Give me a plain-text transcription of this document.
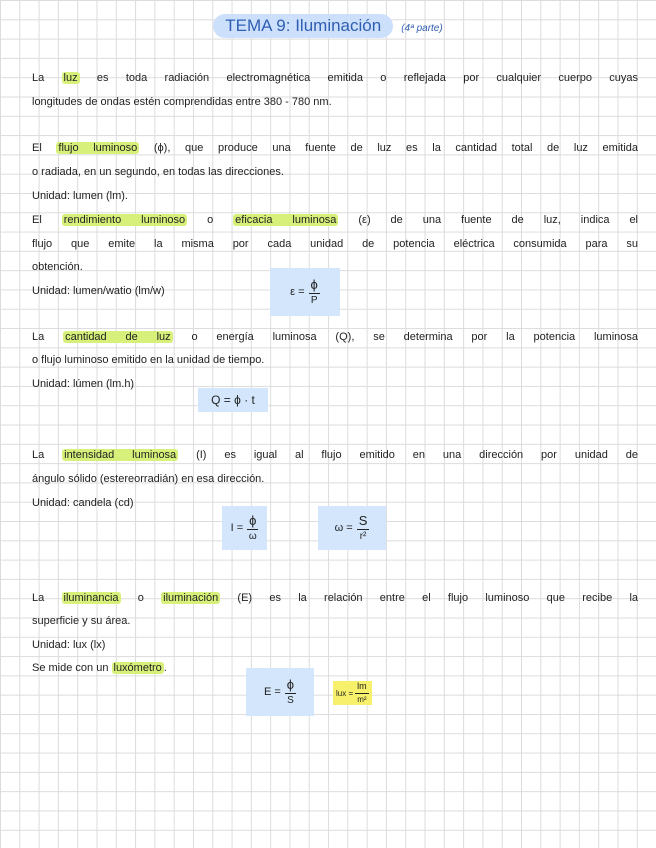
TEMA 9: Iluminación (4ª parte)
La luz es toda radiación electromagnética emitida o reflejada por cualquier cuerpo cuyas
longitudes de ondas estén comprendidas entre 380 - 780 nm.
El flujo luminoso (ϕ), que produce una fuente de luz es la cantidad total de luz emitida
o radiada, en un segundo, en todas las direcciones.
Unidad: lumen (lm).
El rendimiento luminoso o eficacia luminosa (ε) de una fuente de luz, indica el
flujo que emite la misma por cada unidad de potencia eléctrica consumida para su
obtención.
Unidad: lumen/watio (lm/w)	$\varepsilon = \frac{\phi}{P}$
La cantidad de luz o energía luminosa (Q), se determina por la potencia luminosa
o flujo luminoso emitido en la unidad de tiempo.
Unidad: lúmen (lm.h)
Q = ϕ · t
La intensidad luminosa (I) es igual al flujo emitido en una dirección por unidad de
ángulo sólido (estereorradián) en esa dirección.
Unidad: candela (cd)
$I = \frac{\phi}{\omega}$	$\omega = \frac{S}{\text{r²}}$
La iluminancia o iluminación (E) es la relación entre el flujo luminoso que recibe la
superficie y su área.
Unidad: lux (lx)
Se mide con un luxómetro .
$E = \frac{\phi}{S}$	lux = $\frac{lm}{\text{m²}}$
